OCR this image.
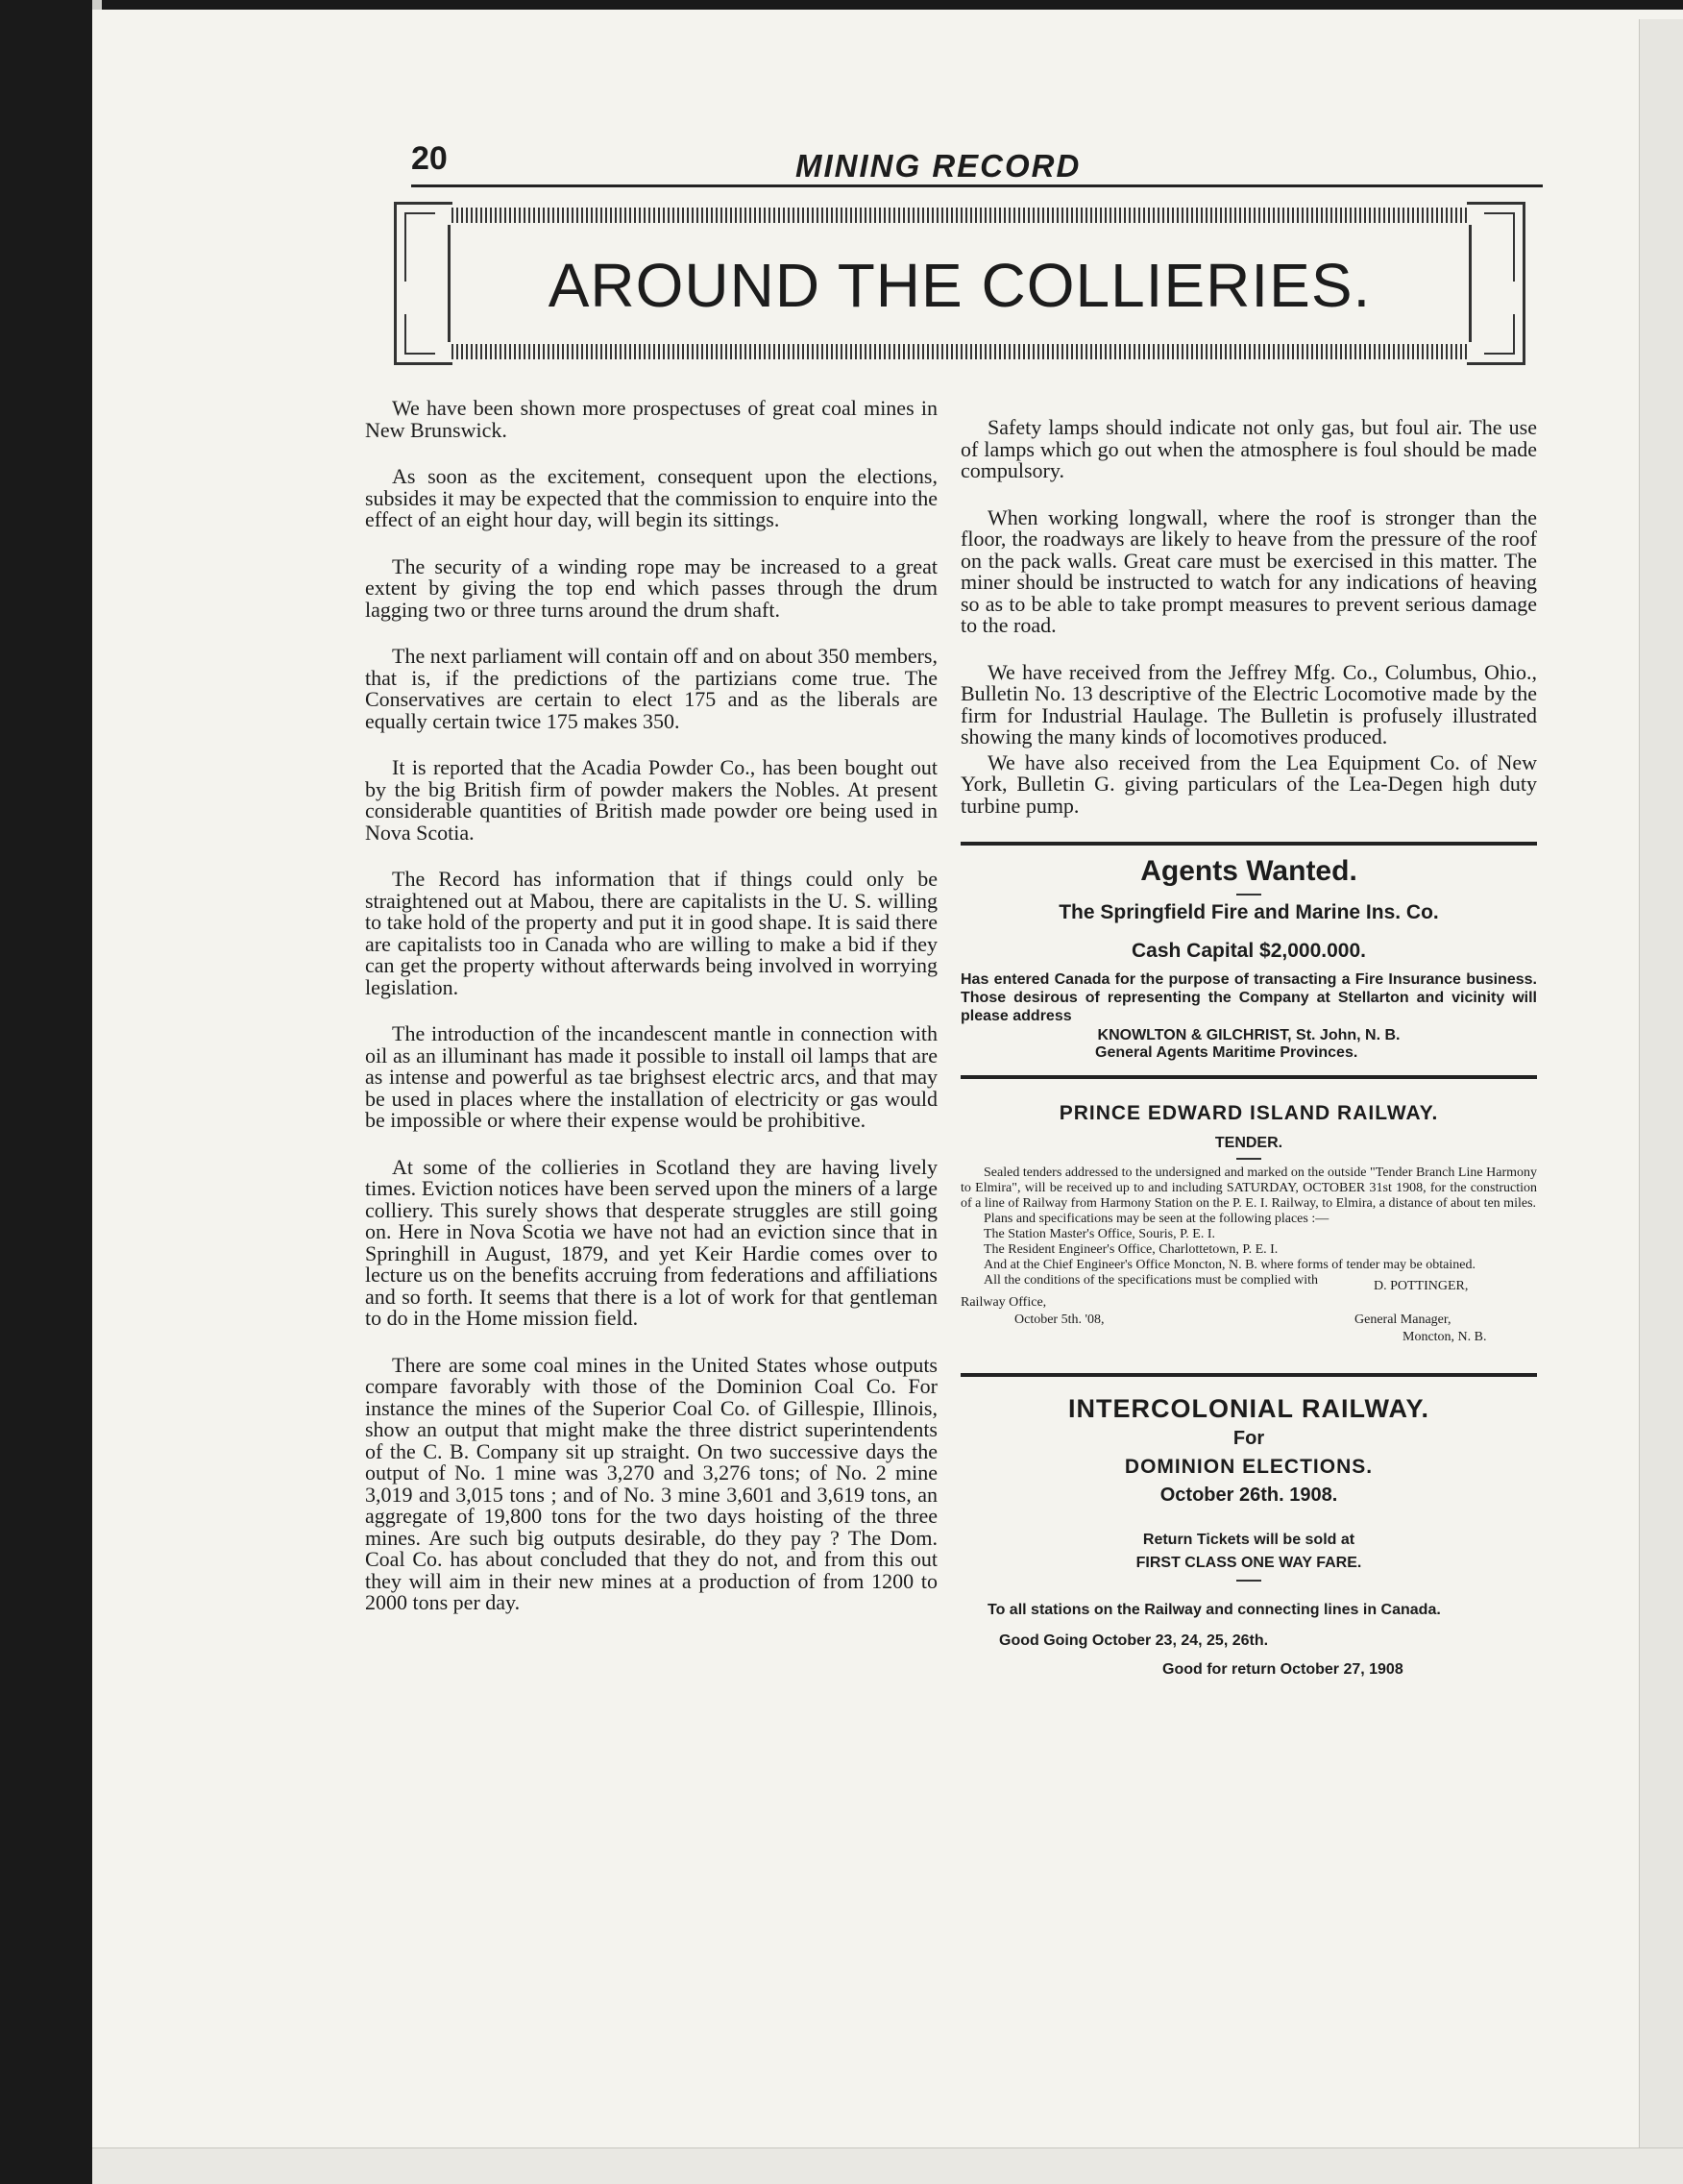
20	MINING RECORD
AROUND THE COLLIERIES.

We have been shown more prospectuses of great coal mines in New Brunswick.

As soon as the excitement, consequent upon the elections, subsides it may be expected that the commission to enquire into the effect of an eight hour day, will begin its sittings.

The security of a winding rope may be increased to a great extent by giving the top end which passes through the drum lagging two or three turns around the drum shaft.

The next parliament will contain off and on about 350 members, that is, if the predictions of the partizians come true. The Conservatives are certain to elect 175 and as the liberals are equally certain twice 175 makes 350.

It is reported that the Acadia Powder Co., has been bought out by the big British firm of powder makers the Nobles. At present considerable quantities of British made powder ore being used in Nova Scotia.

The Record has information that if things could only be straightened out at Mabou, there are capitalists in the U. S. willing to take hold of the property and put it in good shape. It is said there are capitalists too in Canada who are willing to make a bid if they can get the property without afterwards being involved in worrying legislation.

The introduction of the incandescent mantle in connection with oil as an illuminant has made it possible to install oil lamps that are as intense and powerful as tae brighsest electric arcs, and that may be used in places where the installation of electricity or gas would be impossible or where their expense would be prohibitive.

At some of the collieries in Scotland they are having lively times. Eviction notices have been served upon the miners of a large colliery. This surely shows that desperate struggles are still going on. Here in Nova Scotia we have not had an eviction since that in Springhill in August, 1879, and yet Keir Hardie comes over to lecture us on the benefits accruing from federations and affiliations and so forth. It seems that there is a lot of work for that gentleman to do in the Home mission field.

There are some coal mines in the United States whose outputs compare favorably with those of the Dominion Coal Co. For instance the mines of the Superior Coal Co. of Gillespie, Illinois, show an output that might make the three district superintendents of the C. B. Company sit up straight. On two successive days the output of No. 1 mine was 3,270 and 3,276 tons; of No. 2 mine 3,019 and 3,015 tons ; and of No. 3 mine 3,601 and 3,619 tons, an aggregate of 19,800 tons for the two days hoisting of the three mines. Are such big outputs desirable, do they pay ? The Dom. Coal Co. has about concluded that they do not, and from this out they will aim in their new mines at a production of from 1200 to 2000 tons per day.

Safety lamps should indicate not only gas, but foul air. The use of lamps which go out when the atmosphere is foul should be made compulsory.

When working longwall, where the roof is stronger than the floor, the roadways are likely to heave from the pressure of the roof on the pack walls. Great care must be exercised in this matter. The miner should be instructed to watch for any indications of heaving so as to be able to take prompt measures to prevent serious damage to the road.

We have received from the Jeffrey Mfg. Co., Columbus, Ohio., Bulletin No. 13 descriptive of the Electric Locomotive made by the firm for Industrial Haulage. The Bulletin is profusely illustrated showing the many kinds of locomotives produced.

We have also received from the Lea Equipment Co. of New York, Bulletin G. giving particulars of the Lea-Degen high duty turbine pump.

Agents Wanted.
The Springfield Fire and Marine Ins. Co.
Cash Capital $2,000.000.
Has entered Canada for the purpose of transacting a Fire Insurance business. Those desirous of representing the Company at Stellarton and vicinity will please address
KNOWLTON & GILCHRIST, St. John, N. B.
General Agents Maritime Provinces.
PRINCE EDWARD ISLAND RAILWAY.
TENDER.

Sealed tenders addressed to the undersigned and marked on the outside "Tender Branch Line Harmony to Elmira", will be received up to and including SATURDAY, OCTOBER 31st 1908, for the construction of a line of Railway from Harmony Station on the P. E. I. Railway, to Elmira, a distance of about ten miles.

Plans and specifications may be seen at the following places :—

The Station Master's Office, Souris, P. E. I.

The Resident Engineer's Office, Charlottetown, P. E. I.

And at the Chief Engineer's Office Moncton, N. B. where forms of tender may be obtained.

All the conditions of the specifications must be complied with

Railway Office,
D. POTTINGER,
October 5th. '08,	General Manager,
Moncton, N. B.
INTERCOLONIAL RAILWAY.
For
DOMINION ELECTIONS.
October 26th. 1908.
Return Tickets will be sold at
FIRST CLASS ONE WAY FARE.
To all stations on the Railway and connecting lines in Canada.
Good Going October 23, 24, 25, 26th.
Good for return October 27, 1908
